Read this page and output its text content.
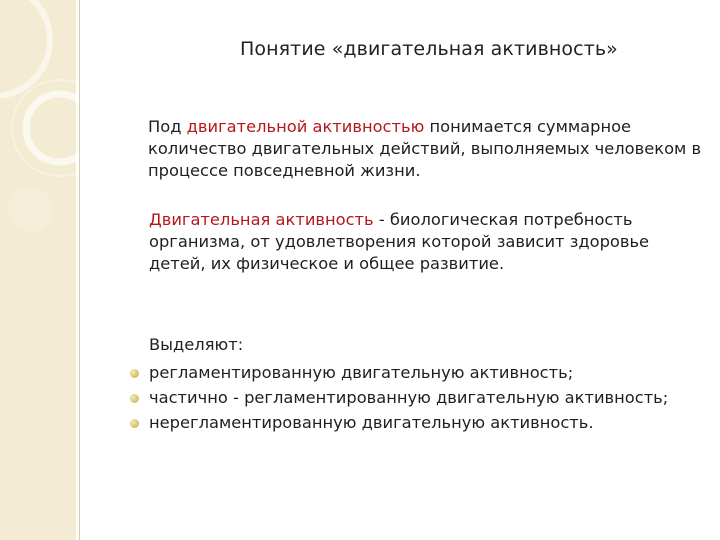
Понятие «двигательная активность»
Под двигательной активностью понимается суммарное количество двигательных действий, выполняемых человеком в процессе повседневной жизни.
Двигательная активность - биологическая потребность организма, от удовлетворения которой зависит здоровье детей, их физическое и общее развитие.
Выделяют:
регламентированную двигательную активность;
частично - регламентированную двигательную активность;
нерегламентированную двигательную активность.
